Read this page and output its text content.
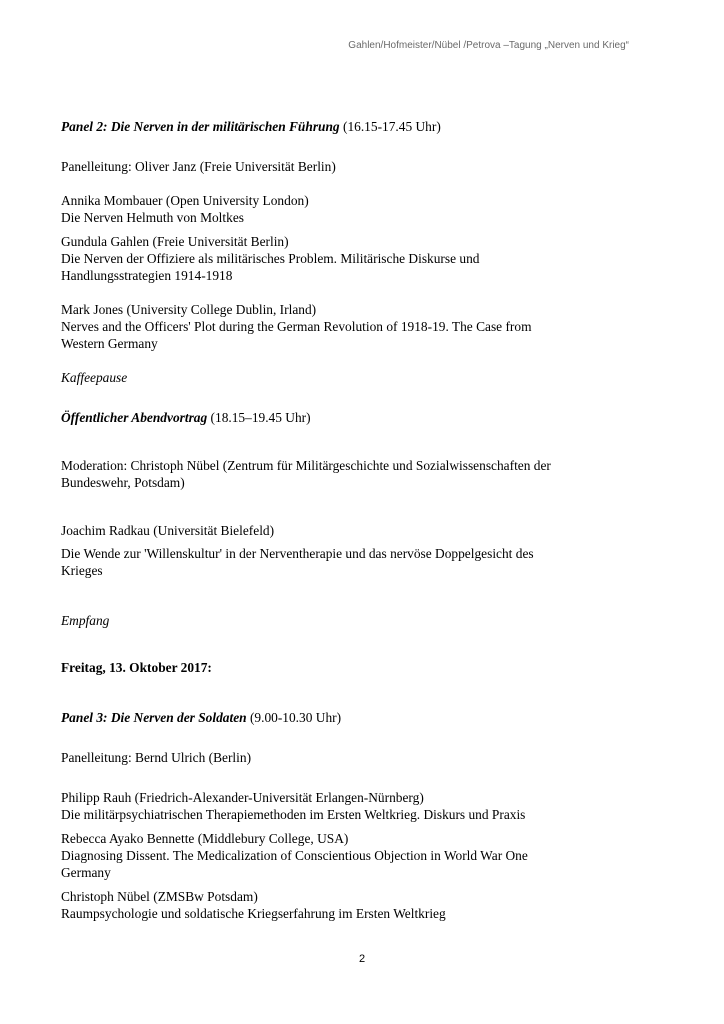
Gahlen/Hofmeister/Nübel /Petrova –Tagung „Nerven und Krieg“
Panel 2: Die Nerven in der militärischen Führung (16.15-17.45 Uhr)
Panelleitung: Oliver Janz (Freie Universität Berlin)
Annika Mombauer (Open University London)
Die Nerven Helmuth von Moltkes
Gundula Gahlen (Freie Universität Berlin)
Die Nerven der Offiziere als militärisches Problem. Militärische Diskurse und
Handlungsstrategien 1914-1918
Mark Jones (University College Dublin, Irland)
Nerves and the Officers' Plot during the German Revolution of 1918-19. The Case from
Western Germany
Kaffeepause
Öffentlicher Abendvortrag (18.15–19.45 Uhr)
Moderation: Christoph Nübel (Zentrum für Militärgeschichte und Sozialwissenschaften der
Bundeswehr, Potsdam)
Joachim Radkau (Universität Bielefeld)
Die Wende zur 'Willenskultur' in der Nerventherapie und das nervöse Doppelgesicht des
Krieges
Empfang
Freitag, 13. Oktober 2017:
Panel 3: Die Nerven der Soldaten (9.00-10.30 Uhr)
Panelleitung: Bernd Ulrich (Berlin)
Philipp Rauh (Friedrich-Alexander-Universität Erlangen-Nürnberg)
Die militärpsychiatrischen Therapiemethoden im Ersten Weltkrieg. Diskurs und Praxis
Rebecca Ayako Bennette (Middlebury College, USA)
Diagnosing Dissent. The Medicalization of Conscientious Objection in World War One
Germany
Christoph Nübel (ZMSBw Potsdam)
Raumpsychologie und soldatische Kriegserfahrung im Ersten Weltkrieg
2
